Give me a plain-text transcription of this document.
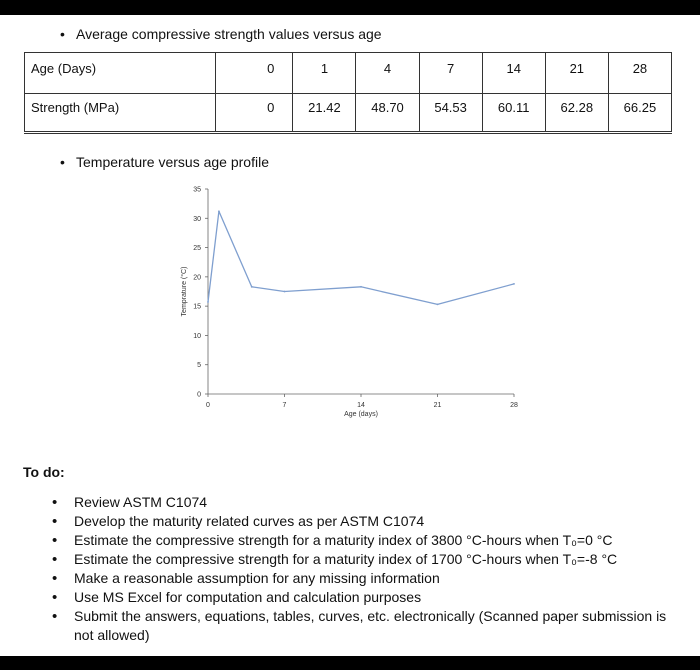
• Average compressive strength values versus age
Age (Days)	0	1	4	7	14	21	28
Strength (MPa)	0	21.42	48.70	54.53	60.11	62.28	66.25
• Temperature versus age profile
0
5
10
15
20
25
30
35
0	7	14	21	28
Age (days)
Temprature (°C)
To do:
• Review ASTM C1074
• Develop the maturity related curves as per ASTM C1074
• Estimate the compressive strength for a maturity index of 3800 °C-hours when T₀=0 °C
• Estimate the compressive strength for a maturity index of 1700 °C-hours when T₀=-8 °C
• Make a reasonable assumption for any missing information
• Use MS Excel for computation and calculation purposes
• Submit the answers, equations, tables, curves, etc. electronically (Scanned paper submission is not allowed)
